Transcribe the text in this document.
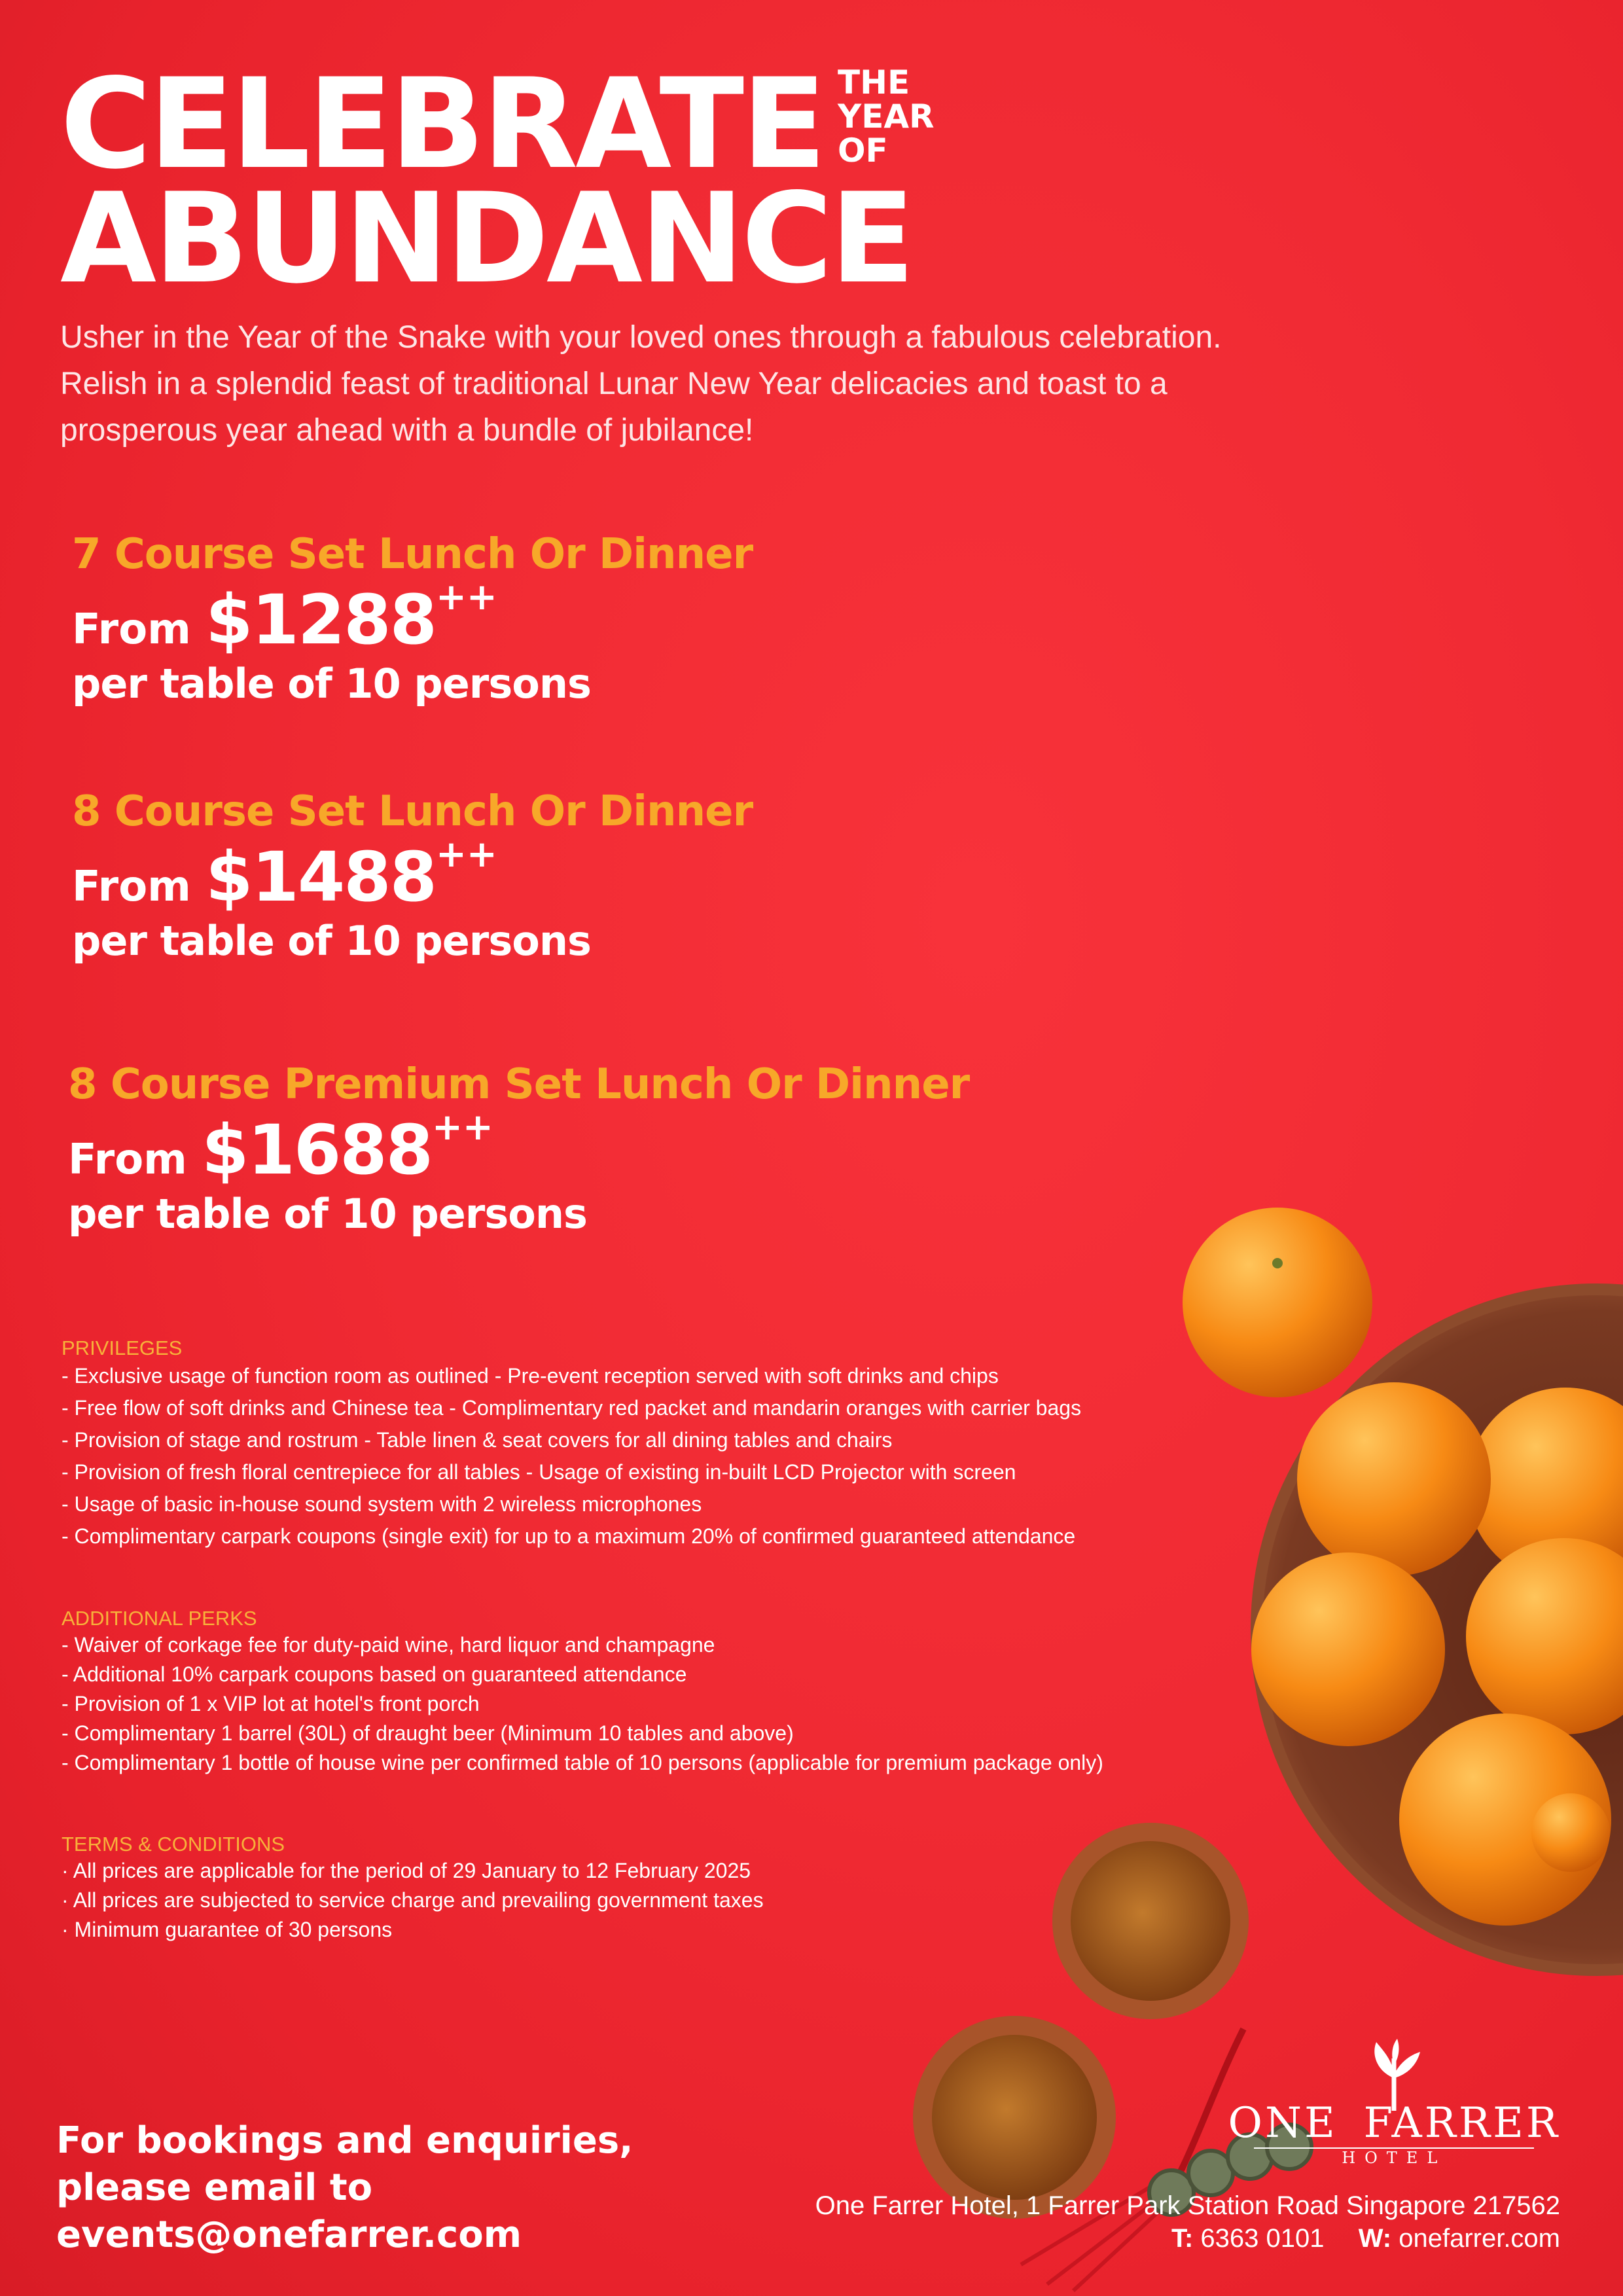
CELEBRATE THE
YEAR
OF
ABUNDANCE
Usher in the Year of the Snake with your loved ones through a fabulous celebration. Relish in a splendid feast of traditional Lunar New Year delicacies and toast to a prosperous year ahead with a bundle of jubilance!
7 Course Set Lunch Or Dinner
From $1288++
per table of 10 persons
8 Course Set Lunch Or Dinner
From $1488++
per table of 10 persons
8 Course Premium Set Lunch Or Dinner
From $1688++
per table of 10 persons
PRIVILEGES
- Exclusive usage of function room as outlined - Pre-event reception served with soft drinks and chips
- Free flow of soft drinks and Chinese tea - Complimentary red packet and mandarin oranges with carrier bags
- Provision of stage and rostrum - Table linen & seat covers for all dining tables and chairs
- Provision of fresh floral centrepiece for all tables - Usage of existing in-built LCD Projector with screen
- Usage of basic in-house sound system with 2 wireless microphones
- Complimentary carpark coupons (single exit) for up to a maximum 20% of confirmed guaranteed attendance
ADDITIONAL PERKS
- Waiver of corkage fee for duty-paid wine, hard liquor and champagne
- Additional 10% carpark coupons based on guaranteed attendance
- Provision of 1 x VIP lot at hotel's front porch
- Complimentary 1 barrel (30L) of draught beer (Minimum 10 tables and above)
- Complimentary 1 bottle of house wine per confirmed table of 10 persons (applicable for premium package only)
TERMS & CONDITIONS
· All prices are applicable for the period of 29 January to 12 February 2025
· All prices are subjected to service charge and prevailing government taxes
· Minimum guarantee of 30 persons
For bookings and enquiries,
please email to
events@onefarrer.com
ONE FARRER
HOTEL
One Farrer Hotel, 1 Farrer Park Station Road Singapore 217562
T: 6363 0101 W: onefarrer.com
